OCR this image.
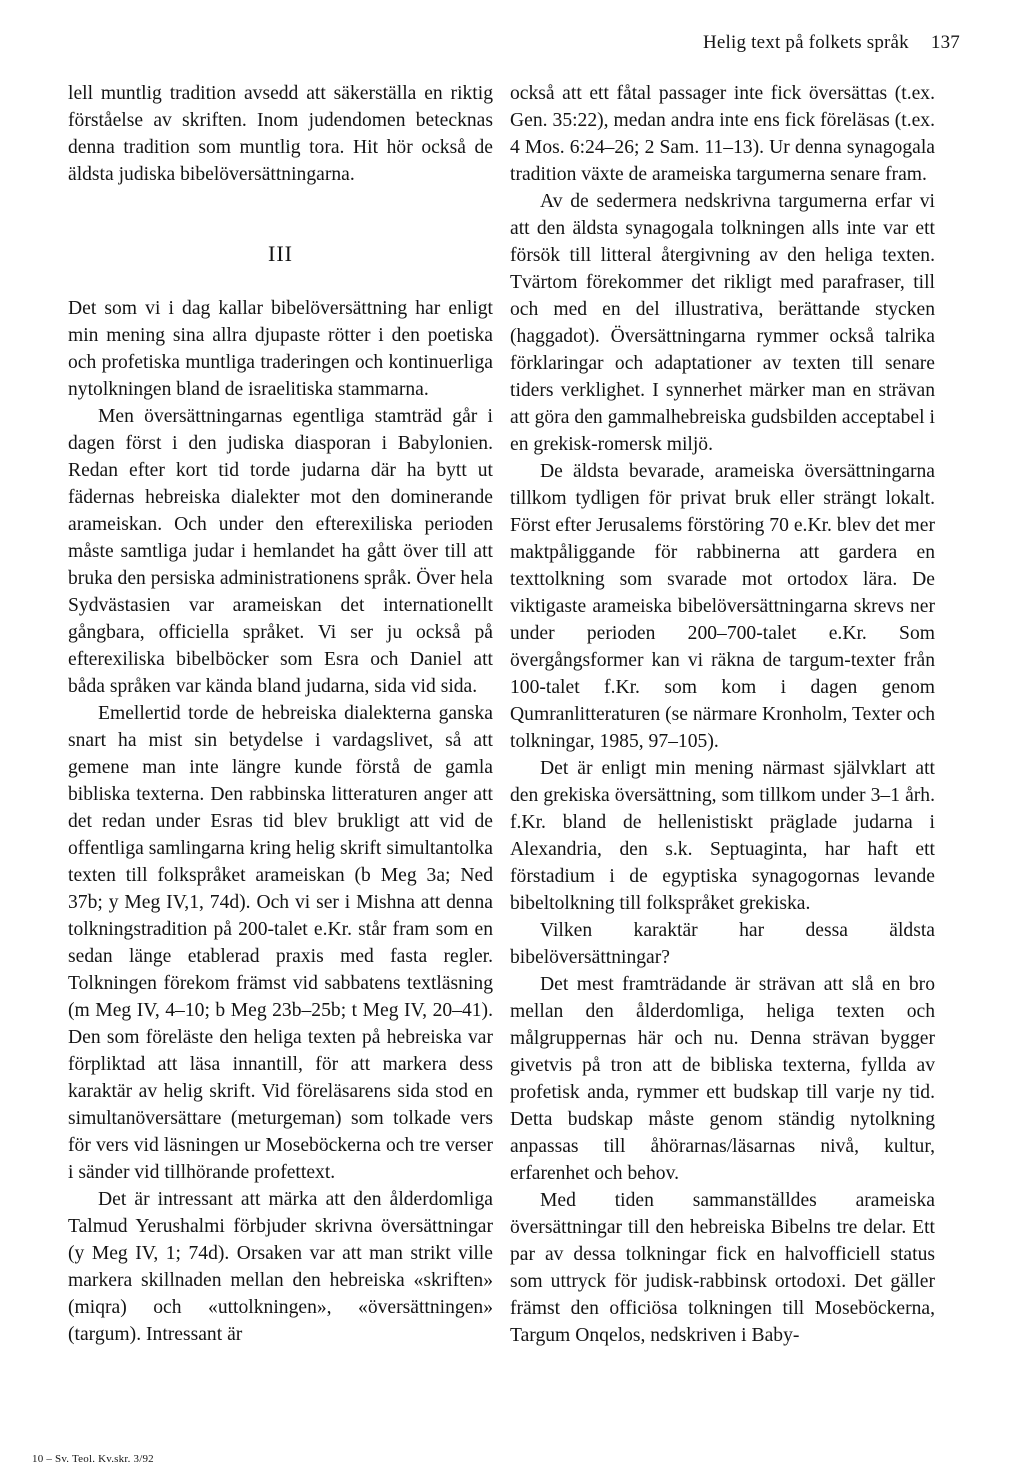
Helig text på folkets språk 137

lell muntlig tradition avsedd att säkerställa en riktig förståelse av skriften. Inom judendomen betecknas denna tradition som muntlig tora. Hit hör också de äldsta judiska bibelöversättningarna.

III

Det som vi i dag kallar bibelöversättning har enligt min mening sina allra djupaste rötter i den poetiska och profetiska muntliga traderingen och kontinuerliga nytolkningen bland de israelitiska stammarna.

Men översättningarnas egentliga stamträd går i dagen först i den judiska diasporan i Babylonien. Redan efter kort tid torde judarna där ha bytt ut fädernas hebreiska dialekter mot den dominerande arameiskan. Och under den efterexiliska perioden måste samtliga judar i hemlandet ha gått över till att bruka den persiska administrationens språk. Över hela Sydvästasien var arameiskan det internationellt gångbara, officiella språket. Vi ser ju också på efterexiliska bibelböcker som Esra och Daniel att båda språken var kända bland judarna, sida vid sida.

Emellertid torde de hebreiska dialekterna ganska snart ha mist sin betydelse i vardagslivet, så att gemene man inte längre kunde förstå de gamla bibliska texterna. Den rabbinska litteraturen anger att det redan under Esras tid blev brukligt att vid de offentliga samlingarna kring helig skrift simultantolka texten till folkspråket arameiskan (b Meg 3a; Ned 37b; y Meg IV,1, 74d). Och vi ser i Mishna att denna tolkningstradition på 200-talet e.Kr. står fram som en sedan länge etablerad praxis med fasta regler. Tolkningen förekom främst vid sabbatens textläsning (m Meg IV, 4–10; b Meg 23b–25b; t Meg IV, 20–41). Den som föreläste den heliga texten på hebreiska var förpliktad att läsa innantill, för att markera dess karaktär av helig skrift. Vid föreläsarens sida stod en simultanöversättare (meturgeman) som tolkade vers för vers vid läsningen ur Moseböckerna och tre verser i sänder vid tillhörande profettext.

Det är intressant att märka att den ålderdomliga Talmud Yerushalmi förbjuder skrivna översättningar (y Meg IV, 1; 74d). Orsaken var att man strikt ville markera skillnaden mellan den hebreiska «skriften» (miqra) och «uttolkningen», «översättningen» (targum). Intressant är

också att ett fåtal passager inte fick översättas (t.ex. Gen. 35:22), medan andra inte ens fick föreläsas (t.ex. 4 Mos. 6:24–26; 2 Sam. 11–13). Ur denna synagogala tradition växte de arameiska targumerna senare fram.

Av de sedermera nedskrivna targumerna erfar vi att den äldsta synagogala tolkningen alls inte var ett försök till litteral återgivning av den heliga texten. Tvärtom förekommer det rikligt med parafraser, till och med en del illustrativa, berättande stycken (haggadot). Översättningarna rymmer också talrika förklaringar och adaptationer av texten till senare tiders verklighet. I synnerhet märker man en strävan att göra den gammalhebreiska gudsbilden acceptabel i en grekisk-romersk miljö.

De äldsta bevarade, arameiska översättningarna tillkom tydligen för privat bruk eller strängt lokalt. Först efter Jerusalems förstöring 70 e.Kr. blev det mer maktpåliggande för rabbinerna att gardera en texttolkning som svarade mot ortodox lära. De viktigaste arameiska bibelöversättningarna skrevs ner under perioden 200–700-talet e.Kr. Som övergångsformer kan vi räkna de targum-texter från 100-talet f.Kr. som kom i dagen genom Qumranlitteraturen (se närmare Kronholm, Texter och tolkningar, 1985, 97–105).

Det är enligt min mening närmast självklart att den grekiska översättning, som tillkom under 3–1 årh. f.Kr. bland de hellenistiskt präglade judarna i Alexandria, den s.k. Septuaginta, har haft ett förstadium i de egyptiska synagogornas levande bibeltolkning till folkspråket grekiska.

Vilken karaktär har dessa äldsta bibelöversättningar?

Det mest framträdande är strävan att slå en bro mellan den ålderdomliga, heliga texten och målgruppernas här och nu. Denna strävan bygger givetvis på tron att de bibliska texterna, fyllda av profetisk anda, rymmer ett budskap till varje ny tid. Detta budskap måste genom ständig nytolkning anpassas till åhörarnas/läsarnas nivå, kultur, erfarenhet och behov.

Med tiden sammanställdes arameiska översättningar till den hebreiska Bibelns tre delar. Ett par av dessa tolkningar fick en halvofficiell status som uttryck för judisk-rabbinsk ortodoxi. Det gäller främst den officiösa tolkningen till Moseböckerna, Targum Onqelos, nedskriven i Baby-

10 – Sv. Teol. Kv.skr. 3/92
